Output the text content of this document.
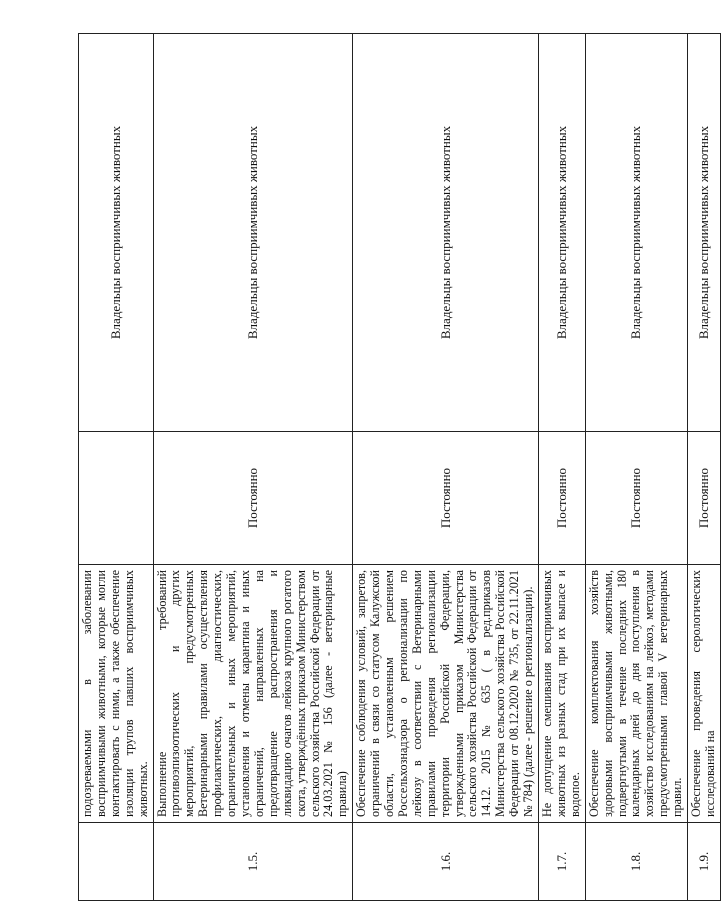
	подозреваемыми в заболевании восприимчивыми животными, которые могли контактировать с ними, а также обеспечение изоляции трупов павших восприимчивых животных.		Владельцы восприимчивых животных
1.5.	Выполнение требований противоэпизоотических и других мероприятий, предусмотренных Ветеринарными правилами осуществления профилактических, диагностических, ограничительных и иных мероприятий, установления и отмены карантина и иных ограничений, направленных на предотвращение распространения и ликвидацию очагов лейкоза крупного рогатого скота, утверждённых приказом Министерством сельского хозяйства Российской Федерации от 24.03.2021 № 156 (далее - ветеринарные правила)	Постоянно	Владельцы восприимчивых животных
1.6.	Обеспечение соблюдения условий, запретов, ограничений в связи со статусом Калужской области, установленным решением Россельхознадзора о регионализации по лейкозу в соответствии с Ветеринарными правилами проведения регионализации территории Российской Федерации, утвержденными приказом Министерства сельского хозяйства Российской Федерации от 14.12. 2015 № 635 ( в ред.приказов Министерства сельского хозяйства Российской Федерации от 08.12.2020 № 735, от 22.11.2021 № 784) (далее - решение о регионализации).	Постоянно	Владельцы восприимчивых животных
1.7.	Не допущение смешивания восприимчивых животных из разных стад при их выпасе и водопое.	Постоянно	Владельцы восприимчивых животных
1.8.	Обеспечение комплектования хозяйств здоровыми восприимчивыми животными, подвергнутыми в течение последних 180 календарных дней до дня поступления в хозяйство исследованиям на лейкоз, методами предусмотренными главой V ветеринарных правил.	Постоянно	Владельцы восприимчивых животных
1.9.	Обеспечение проведения серологических исследований на	Постоянно	Владельцы восприимчивых животных
